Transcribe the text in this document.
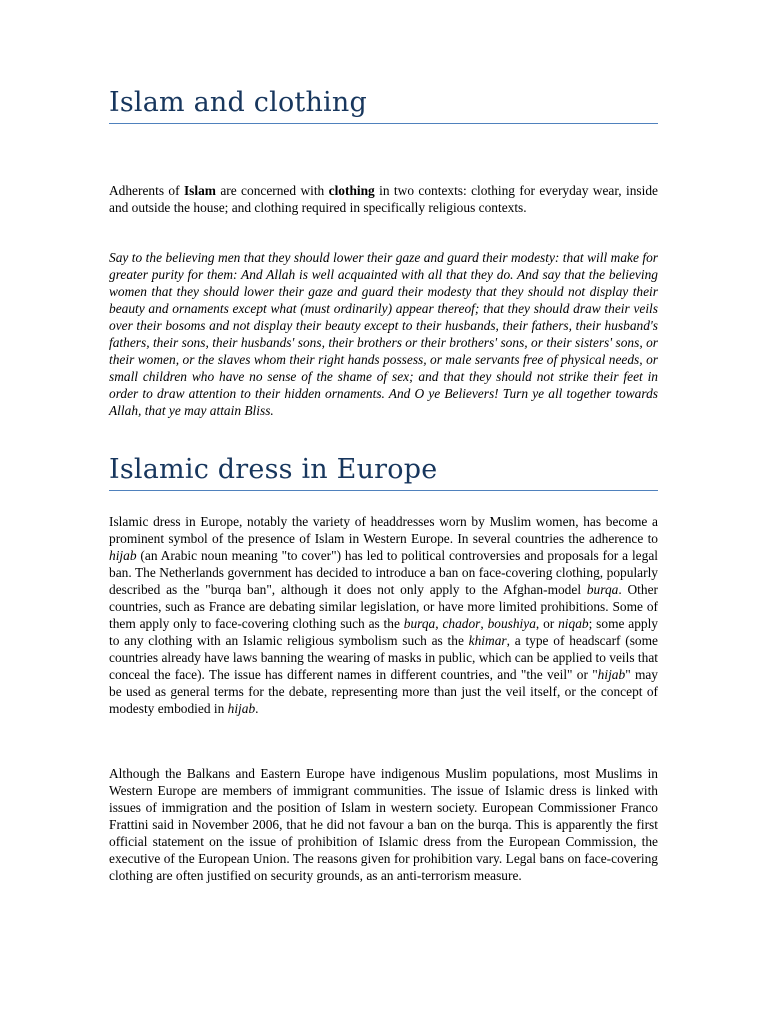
Islam and clothing

Adherents of Islam are concerned with clothing in two contexts: clothing for everyday wear, inside and outside the house; and clothing required in specifically religious contexts.

Say to the believing men that they should lower their gaze and guard their modesty: that will make for greater purity for them: And Allah is well acquainted with all that they do. And say that the believing women that they should lower their gaze and guard their modesty that they should not display their beauty and ornaments except what (must ordinarily) appear thereof; that they should draw their veils over their bosoms and not display their beauty except to their husbands, their fathers, their husband's fathers, their sons, their husbands' sons, their brothers or their brothers' sons, or their sisters' sons, or their women, or the slaves whom their right hands possess, or male servants free of physical needs, or small children who have no sense of the shame of sex; and that they should not strike their feet in order to draw attention to their hidden ornaments. And O ye Believers! Turn ye all together towards Allah, that ye may attain Bliss.

Islamic dress in Europe

Islamic dress in Europe, notably the variety of headdresses worn by Muslim women, has become a prominent symbol of the presence of Islam in Western Europe. In several countries the adherence to hijab (an Arabic noun meaning "to cover") has led to political controversies and proposals for a legal ban. The Netherlands government has decided to introduce a ban on face-covering clothing, popularly described as the "burqa ban", although it does not only apply to the Afghan-model burqa. Other countries, such as France are debating similar legislation, or have more limited prohibitions. Some of them apply only to face-covering clothing such as the burqa, chador, boushiya, or niqab; some apply to any clothing with an Islamic religious symbolism such as the khimar, a type of headscarf (some countries already have laws banning the wearing of masks in public, which can be applied to veils that conceal the face). The issue has different names in different countries, and "the veil" or "hijab" may be used as general terms for the debate, representing more than just the veil itself, or the concept of modesty embodied in hijab.

Although the Balkans and Eastern Europe have indigenous Muslim populations, most Muslims in Western Europe are members of immigrant communities. The issue of Islamic dress is linked with issues of immigration and the position of Islam in western society. European Commissioner Franco Frattini said in November 2006, that he did not favour a ban on the burqa. This is apparently the first official statement on the issue of prohibition of Islamic dress from the European Commission, the executive of the European Union. The reasons given for prohibition vary. Legal bans on face-covering clothing are often justified on security grounds, as an anti-terrorism measure.
